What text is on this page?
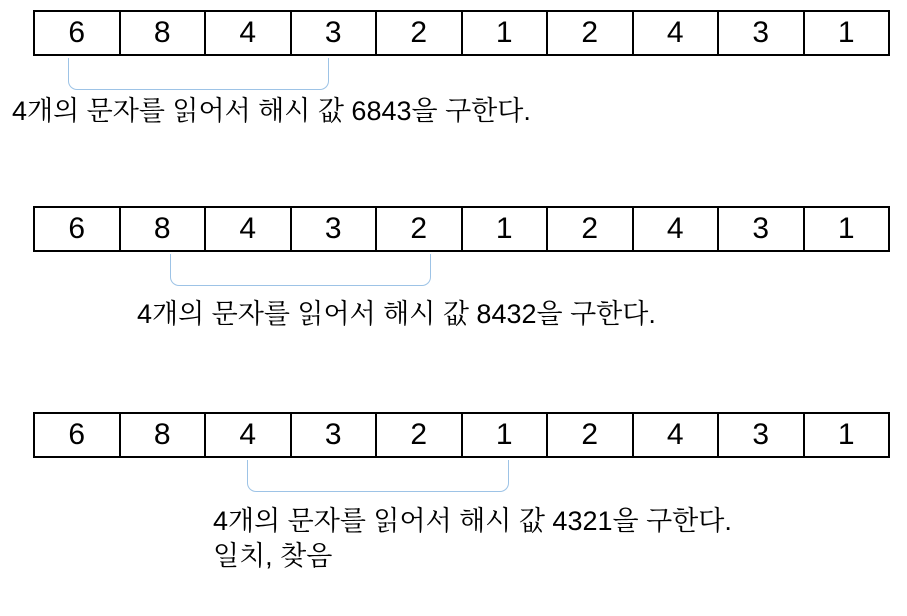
6	8	4	3	2	1	2	4	3	1
4개의 문자를 읽어서 해시 값 6843을 구한다.
6	8	4	3	2	1	2	4	3	1
4개의 문자를 읽어서 해시 값 8432을 구한다.
6	8	4	3	2	1	2	4	3	1
4개의 문자를 읽어서 해시 값 4321을 구한다.
일치, 찾음
